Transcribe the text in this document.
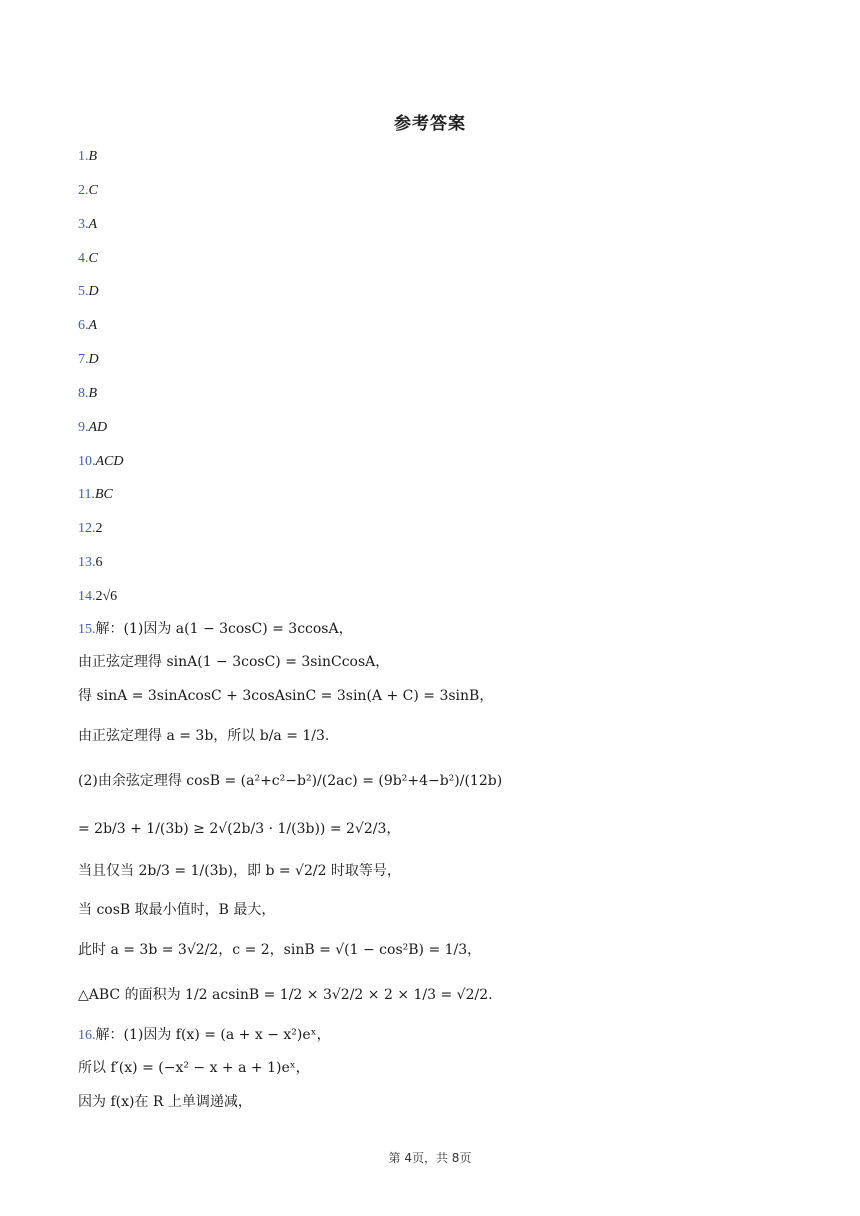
参考答案
1.B
2.C
3.A
4.C
5.D
6.A
7.D
8.B
9.AD
10.ACD
11.BC
12.2
13.6
14.2√6
15.解：(1)因为 a(1 − 3cosC) = 3ccosA，
由正弦定理得 sinA(1 − 3cosC) = 3sinCcosA，
得 sinA = 3sinAcosC + 3cosAsinC = 3sin(A + C) = 3sinB，
由正弦定理得 a = 3b，所以 b/a = 1/3.
(2)由余弦定理得 cosB = (a²+c²−b²)/(2ac) = (9b²+4−b²)/(12b)
= 2b/3 + 1/(3b) ≥ 2√(2b/3 · 1/(3b)) = 2√2/3，
当且仅当 2b/3 = 1/(3b)，即 b = √2/2 时取等号，
当 cosB 取最小值时，B 最大，
此时 a = 3b = 3√2/2，c = 2，sinB = √(1 − cos²B) = 1/3，
△ABC 的面积为 1/2 acsinB = 1/2 × 3√2/2 × 2 × 1/3 = √2/2.
16.解：(1)因为 f(x) = (a + x − x²)eˣ，
所以 f′(x) = (−x² − x + a + 1)eˣ，
因为 f(x)在 R 上单调递减，
第 4页，共 8页
